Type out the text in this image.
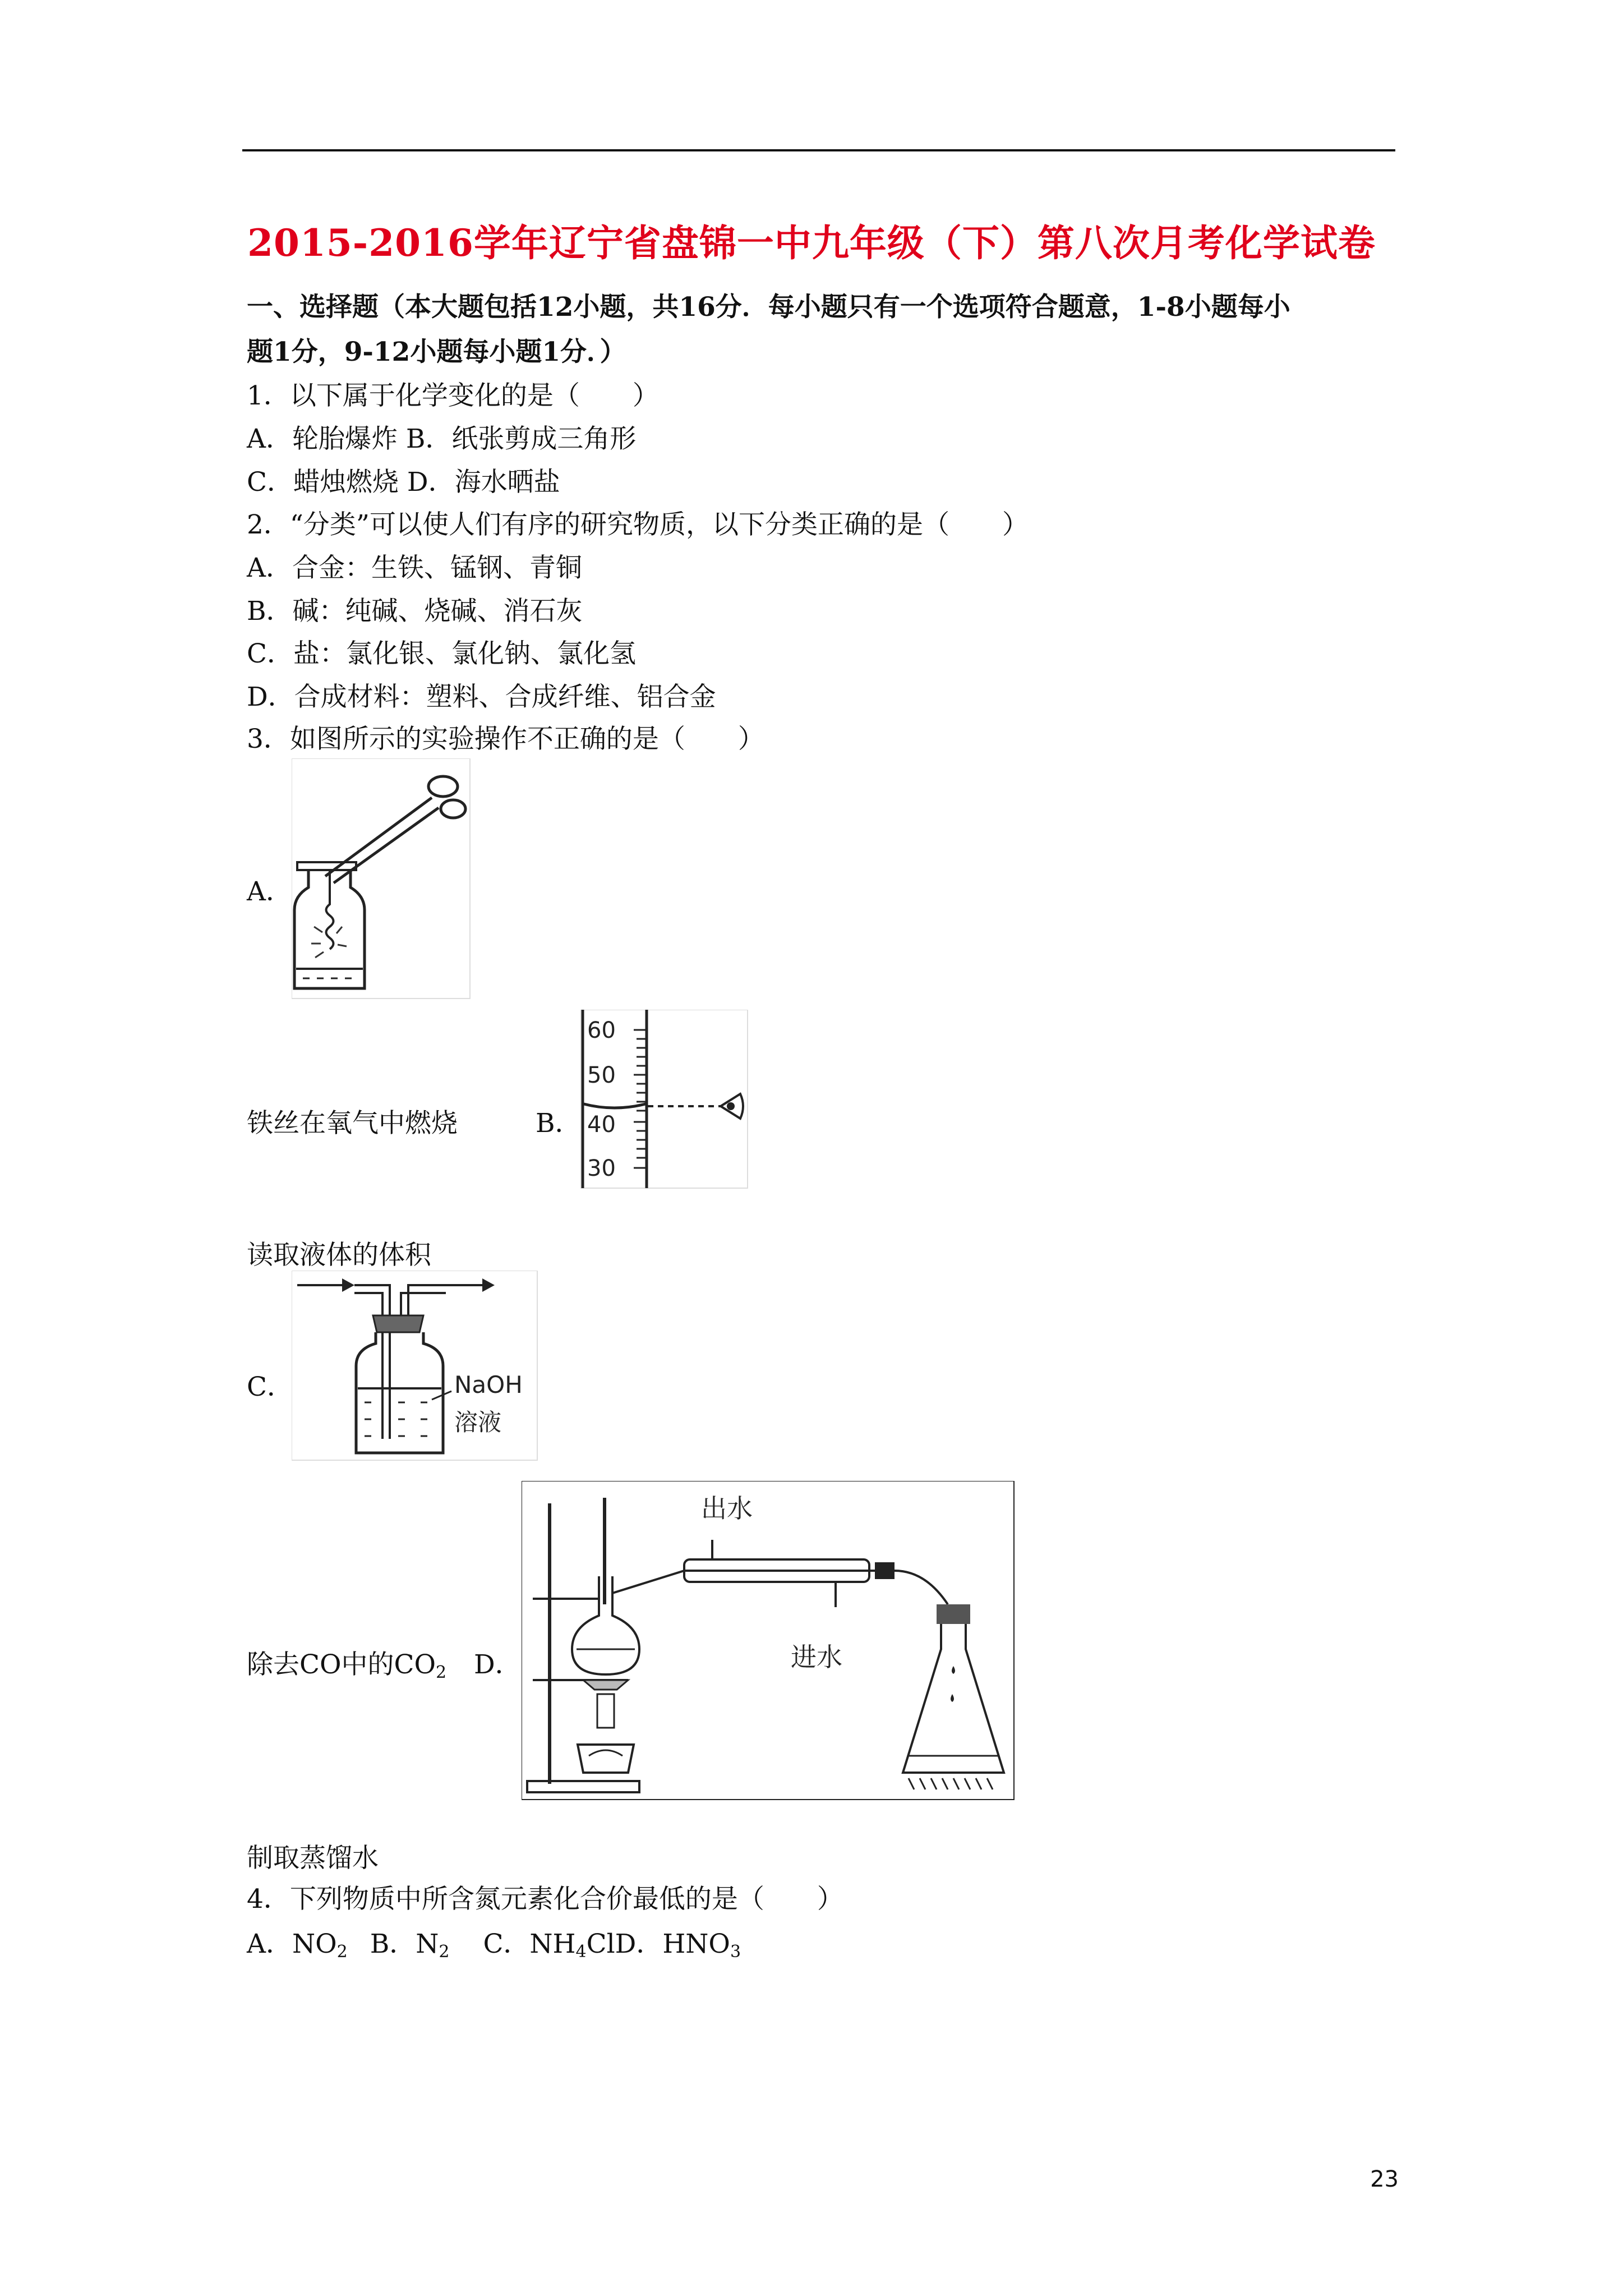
2015-2016学年辽宁省盘锦一中九年级（下）第八次月考化学试卷
一、选择题（本大题包括12小题，共16分．每小题只有一个选项符合题意，1-8小题每小
题1分，9-12小题每小题1分．）
1．以下属于化学变化的是（　　）
A．轮胎爆炸 B．纸张剪成三角形
C．蜡烛燃烧 D．海水晒盐
2．“分类”可以使人们有序的研究物质，以下分类正确的是（　　）
A．合金：生铁、锰钢、青铜
B．碱：纯碱、烧碱、消石灰
C．盐：氯化银、氯化钠、氯化氢
D．合成材料：塑料、合成纤维、铝合金
3．如图所示的实验操作不正确的是（　　）
A．
铁丝在氧气中燃烧	B．
60
50
40
30
读取液体的体积
C．	NaOH
溶液
除去CO中的$CO_2$ D．
出水
进水
制取蒸馏水
4．下列物质中所含氮元素化合价最低的是（　　）
A．$NO_2$ B．$N_2$ C．$NH_4ClD$．$HNO_3$
23
